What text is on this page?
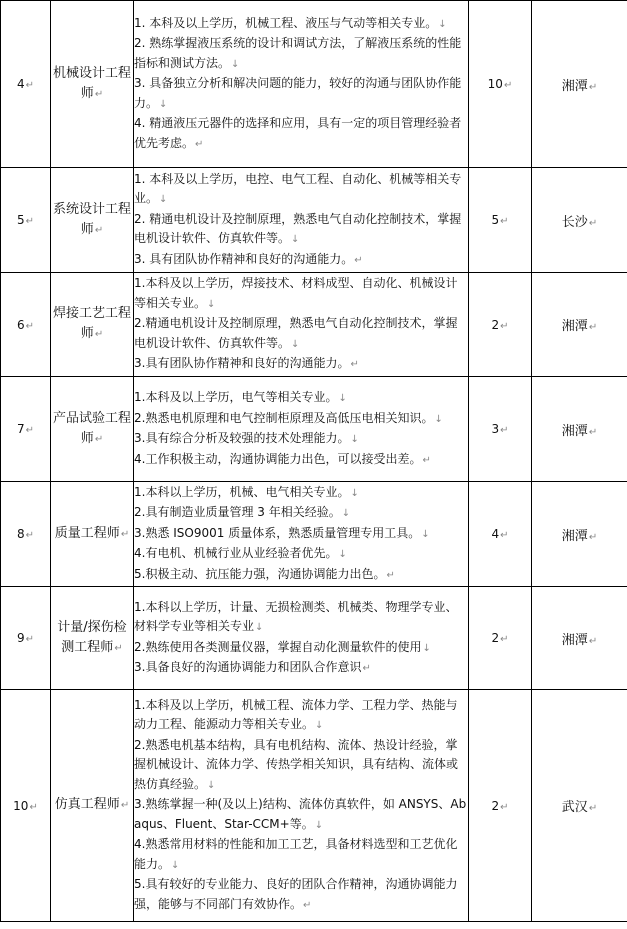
4↵	机械设计工程师↵	1. 本科及以上学历，机械工程、液压与气动等相关专业。↓
2. 熟练掌握液压系统的设计和调试方法，了解液压系统的性能指标和测试方法。↓
3. 具备独立分析和解决问题的能力，较好的沟通与团队协作能力。↓
4. 精通液压元器件的选择和应用，具有一定的项目管理经验者优先考虑。↵	10↵	湘潭↵
5↵	系统设计工程师↵	1. 本科及以上学历，电控、电气工程、自动化、机械等相关专业。↓
2. 精通电机设计及控制原理，熟悉电气自动化控制技术，掌握电机设计软件、仿真软件等。↓
3. 具有团队协作精神和良好的沟通能力。↵	5↵	长沙↵
6↵	焊接工艺工程师↵	1.本科及以上学历，焊接技术、材料成型、自动化、机械设计等相关专业。↓
2.精通电机设计及控制原理，熟悉电气自动化控制技术，掌握电机设计软件、仿真软件等。↓
3.具有团队协作精神和良好的沟通能力。↵	2↵	湘潭↵
7↵	产品试验工程师↵	1.本科及以上学历，电气等相关专业。↓
2.熟悉电机原理和电气控制柜原理及高低压电相关知识。↓
3.具有综合分析及较强的技术处理能力。↓
4.工作积极主动，沟通协调能力出色，可以接受出差。↵	3↵	湘潭↵
8↵	质量工程师↵	1.本科以上学历，机械、电气相关专业。↓
2.具有制造业质量管理 3 年相关经验。↓
3.熟悉 ISO9001 质量体系，熟悉质量管理专用工具。↓
4.有电机、机械行业从业经验者优先。↓
5.积极主动、抗压能力强，沟通协调能力出色。↵	4↵	湘潭↵
9↵	计量/探伤检测工程师↵	1.本科以上学历，计量、无损检测类、机械类、物理学专业、材料学专业等相关专业↓
2.熟练使用各类测量仪器，掌握自动化测量软件的使用↓
3.具备良好的沟通协调能力和团队合作意识↵	2↵	湘潭↵
10↵	仿真工程师↵	1.本科及以上学历，机械工程、流体力学、工程力学、热能与动力工程、能源动力等相关专业。↓
2.熟悉电机基本结构，具有电机结构、流体、热设计经验，掌握机械设计、流体力学、传热学相关知识，具有结构、流体或热仿真经验。↓
3.熟练掌握一种(及以上)结构、流体仿真软件，如 ANSYS、Abaqus、Fluent、Star-CCM+等。↓
4.熟悉常用材料的性能和加工工艺，具备材料选型和工艺优化能力。↓
5.具有较好的专业能力、良好的团队合作精神，沟通协调能力强，能够与不同部门有效协作。↵	2↵	武汉↵
